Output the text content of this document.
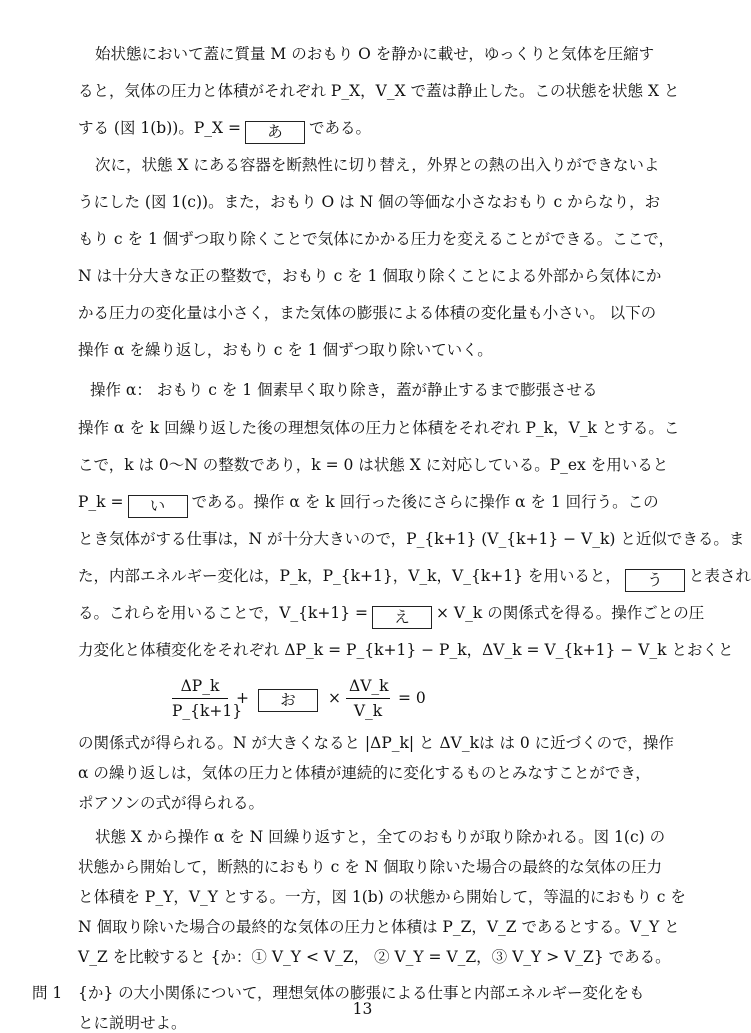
始状態において蓋に質量 M のおもり O を静かに載せ，ゆっくりと気体を圧縮す
ると，気体の圧力と体積がそれぞれ P_X，V_X で蓋は静止した。この状態を状態 X と
する (図 1(b))。P_X = あ である。
次に，状態 X にある容器を断熱性に切り替え，外界との熱の出入りができないよ
うにした (図 1(c))。また，おもり O は N 個の等価な小さなおもり c からなり，お
もり c を 1 個ずつ取り除くことで気体にかかる圧力を変えることができる。ここで，
N は十分大きな正の整数で，おもり c を 1 個取り除くことによる外部から気体にか
かる圧力の変化量は小さく，また気体の膨張による体積の変化量も小さい。 以下の
操作 α を繰り返し，おもり c を 1 個ずつ取り除いていく。
操作 α： おもり c を 1 個素早く取り除き，蓋が静止するまで膨張させる
操作 α を k 回繰り返した後の理想気体の圧力と体積をそれぞれ P_k，V_k とする。こ
こで，k は 0〜N の整数であり，k = 0 は状態 X に対応している。P_ex を用いると
P_k = い である。操作 α を k 回行った後にさらに操作 α を 1 回行う。この
とき気体がする仕事は，N が十分大きいので，P_{k+1} (V_{k+1} − V_k) と近似できる。ま
た，内部エネルギー変化は，P_k，P_{k+1}，V_k，V_{k+1} を用いると， う と表され
る。これらを用いることで，V_{k+1} = え × V_k の関係式を得る。操作ごとの圧
力変化と体積変化をそれぞれ ΔP_k = P_{k+1} − P_k，ΔV_k = V_{k+1} − V_k とおくと
$\frac{\Delta P\_k}{P\_\{k+1\}}$ +	お	× $\frac{\Delta V\_k}{V\_k} = 0$
の関係式が得られる。N が大きくなると |ΔP_k| と ΔV_kは は 0 に近づくので，操作
α の繰り返しは，気体の圧力と体積が連続的に変化するものとみなすことができ，
ポアソンの式が得られる。
状態 X から操作 α を N 回繰り返すと，全てのおもりが取り除かれる。図 1(c) の
状態から開始して，断熱的におもり c を N 個取り除いた場合の最終的な気体の圧力
と体積を P_Y，V_Y とする。一方，図 1(b) の状態から開始して，等温的におもり c を
13
N 個取り除いた場合の最終的な気体の圧力と体積は P_Z，V_Z であるとする。V_Y と
V_Z を比較すると {か：① V_Y < V_Z， ② V_Y = V_Z，③ V_Y > V_Z} である。
問 1 {か} の大小関係について，理想気体の膨張による仕事と内部エネルギー変化をも
とに説明せよ。
